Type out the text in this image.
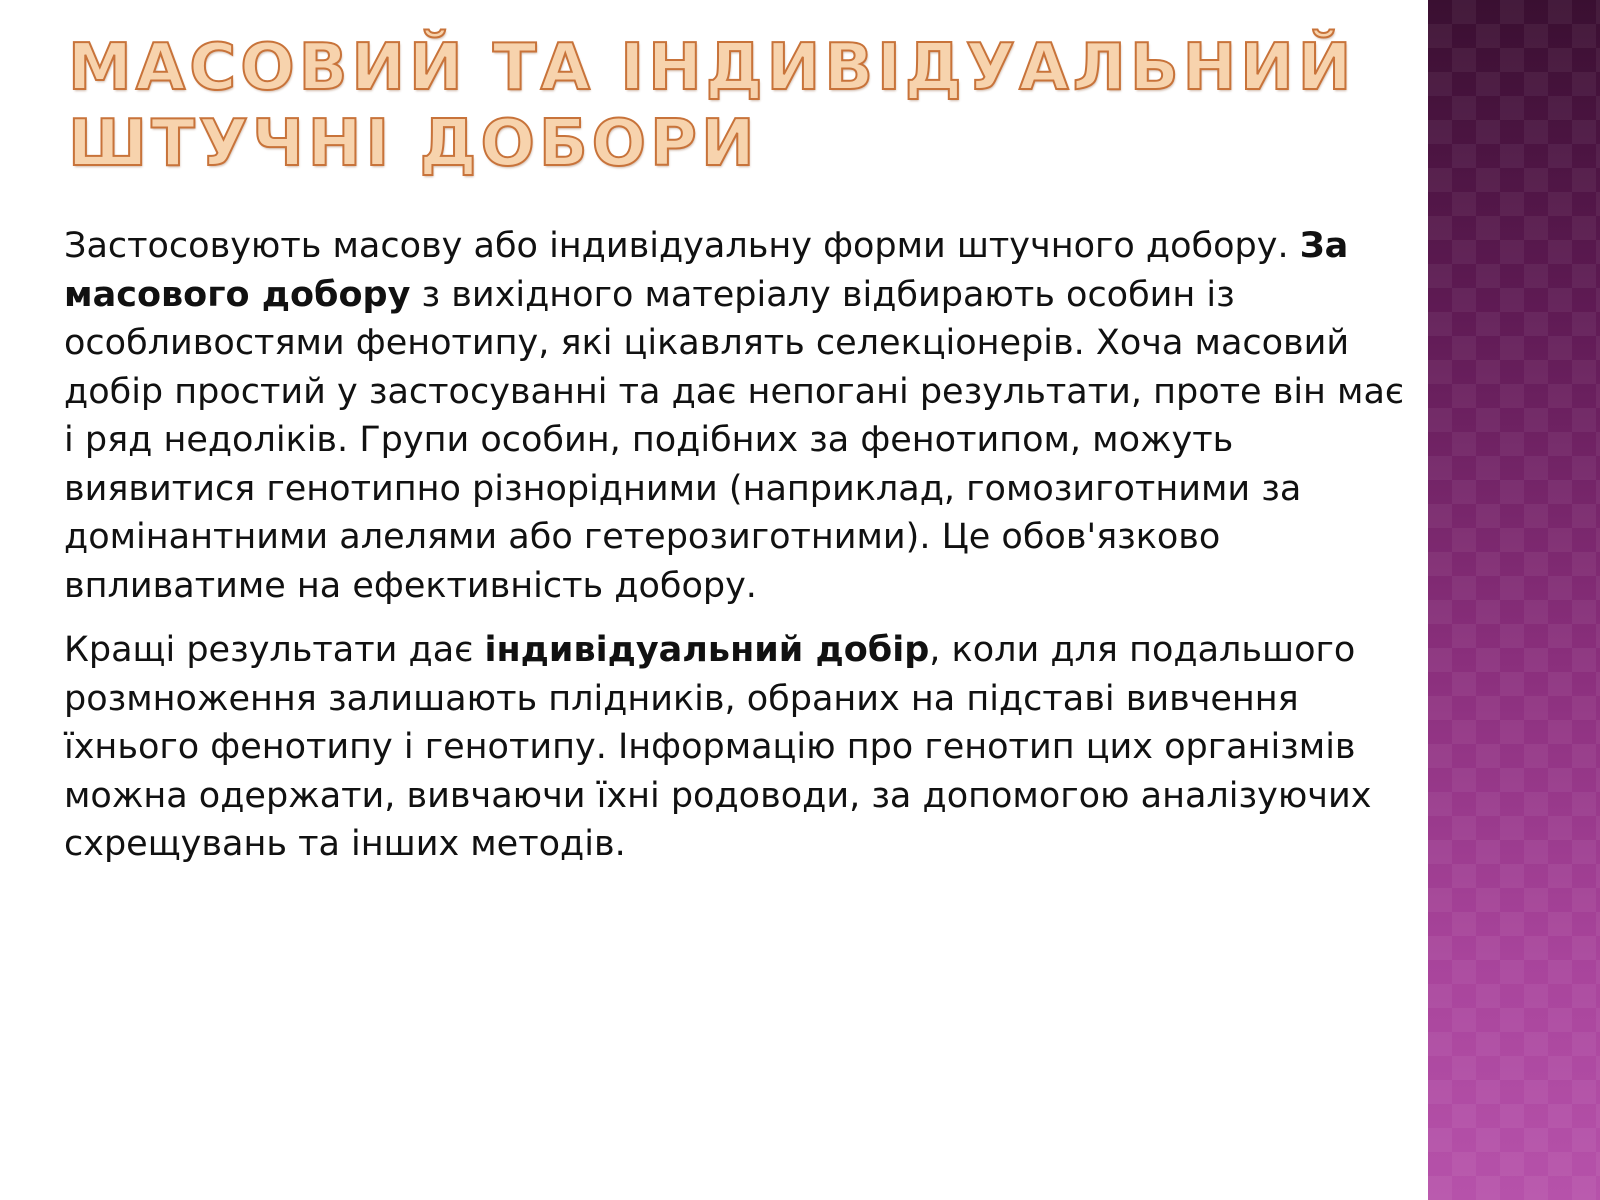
МАСОВИЙ ТА ІНДИВІДУАЛЬНИЙ ШТУЧНІ ДОБОРИ

Застосовують масову або індивідуальну форми штучного добору. За масового добору з вихідного матеріалу відбирають особин із особливостями фенотипу, які цікавлять селекціонерів. Хоча масовий добір простий у застосуванні та дає непогані результати, проте він має і ряд недоліків. Групи особин, подібних за фенотипом, можуть виявитися генотипно різнорідними (наприклад, гомозиготними за домінантними алелями або гетерозиготними). Це обов'язково впливатиме на ефективність добору.

Кращі результати дає індивідуальний добір, коли для подальшого розмноження залишають плідників, обраних на підставі вивчення їхнього фенотипу і генотипу. Інформацію про генотип цих організмів можна одержати, вивчаючи їхні родоводи, за допомогою аналізуючих схрещувань та інших методів.
